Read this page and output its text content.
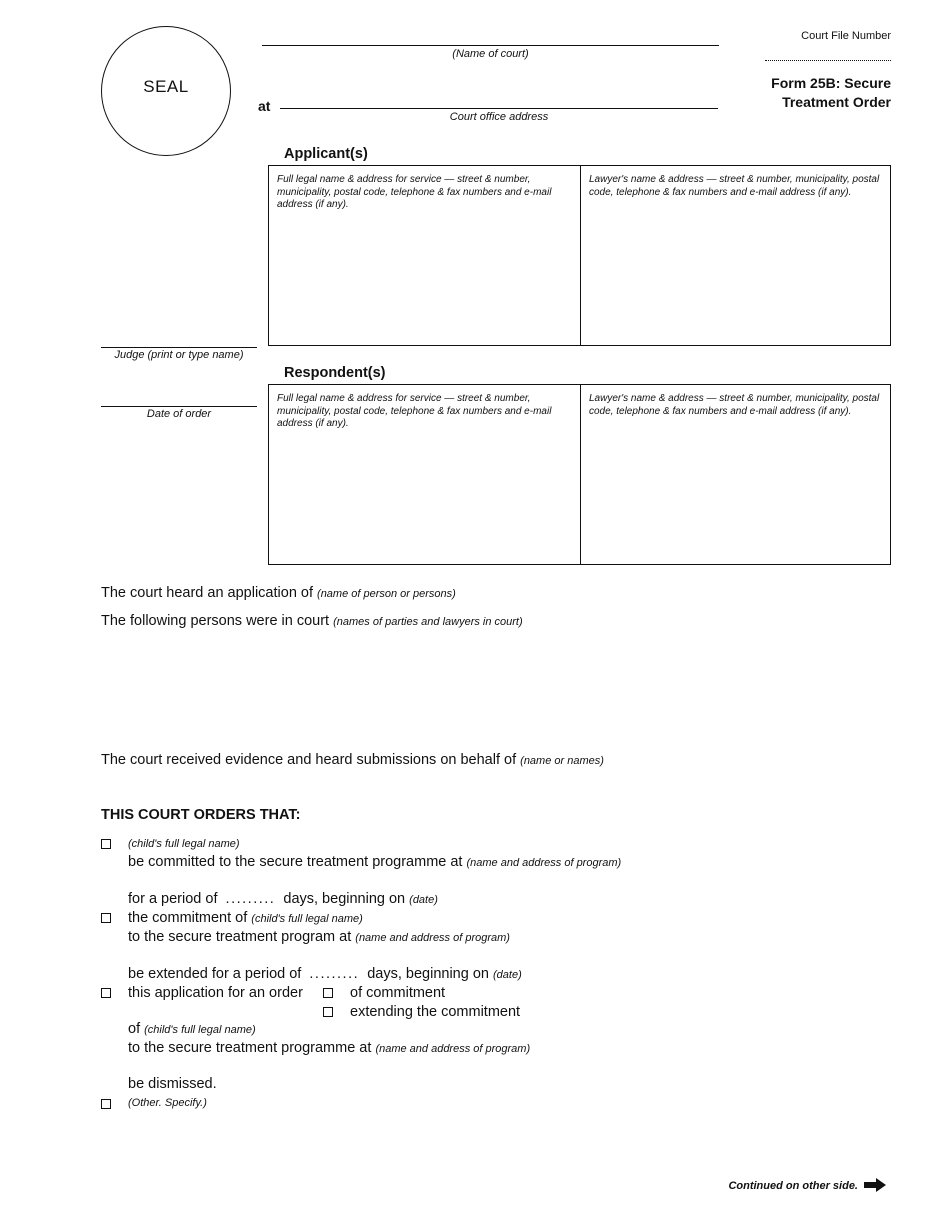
SEAL
(Name of court)
at
Court office address
Court File Number
Form 25B: Secure
Treatment Order
Applicant(s)
Full legal name & address for service — street & number, municipality, postal code, telephone & fax numbers and e-mail address (if any).
Lawyer's name & address — street & number, municipality, postal code, telephone & fax numbers and e-mail address (if any).
Judge (print or type name)
Date of order
Respondent(s)
Full legal name & address for service — street & number, municipality, postal code, telephone & fax numbers and e-mail address (if any).
Lawyer's name & address — street & number, municipality, postal code, telephone & fax numbers and e-mail address (if any).
The court heard an application of (name of person or persons)
The following persons were in court (names of parties and lawyers in court)
The court received evidence and heard submissions on behalf of (name or names)
THIS COURT ORDERS THAT:
(child's full legal name)
be committed to the secure treatment programme at (name and address of program)
for a period of ......... days, beginning on (date)
the commitment of (child's full legal name)
to the secure treatment program at (name and address of program)
be extended for a period of ......... days, beginning on (date)
this application for an order	of commitment
extending the commitment
of (child's full legal name)
to the secure treatment programme at (name and address of program)
be dismissed.
(Other. Specify.)
Continued on other side.
